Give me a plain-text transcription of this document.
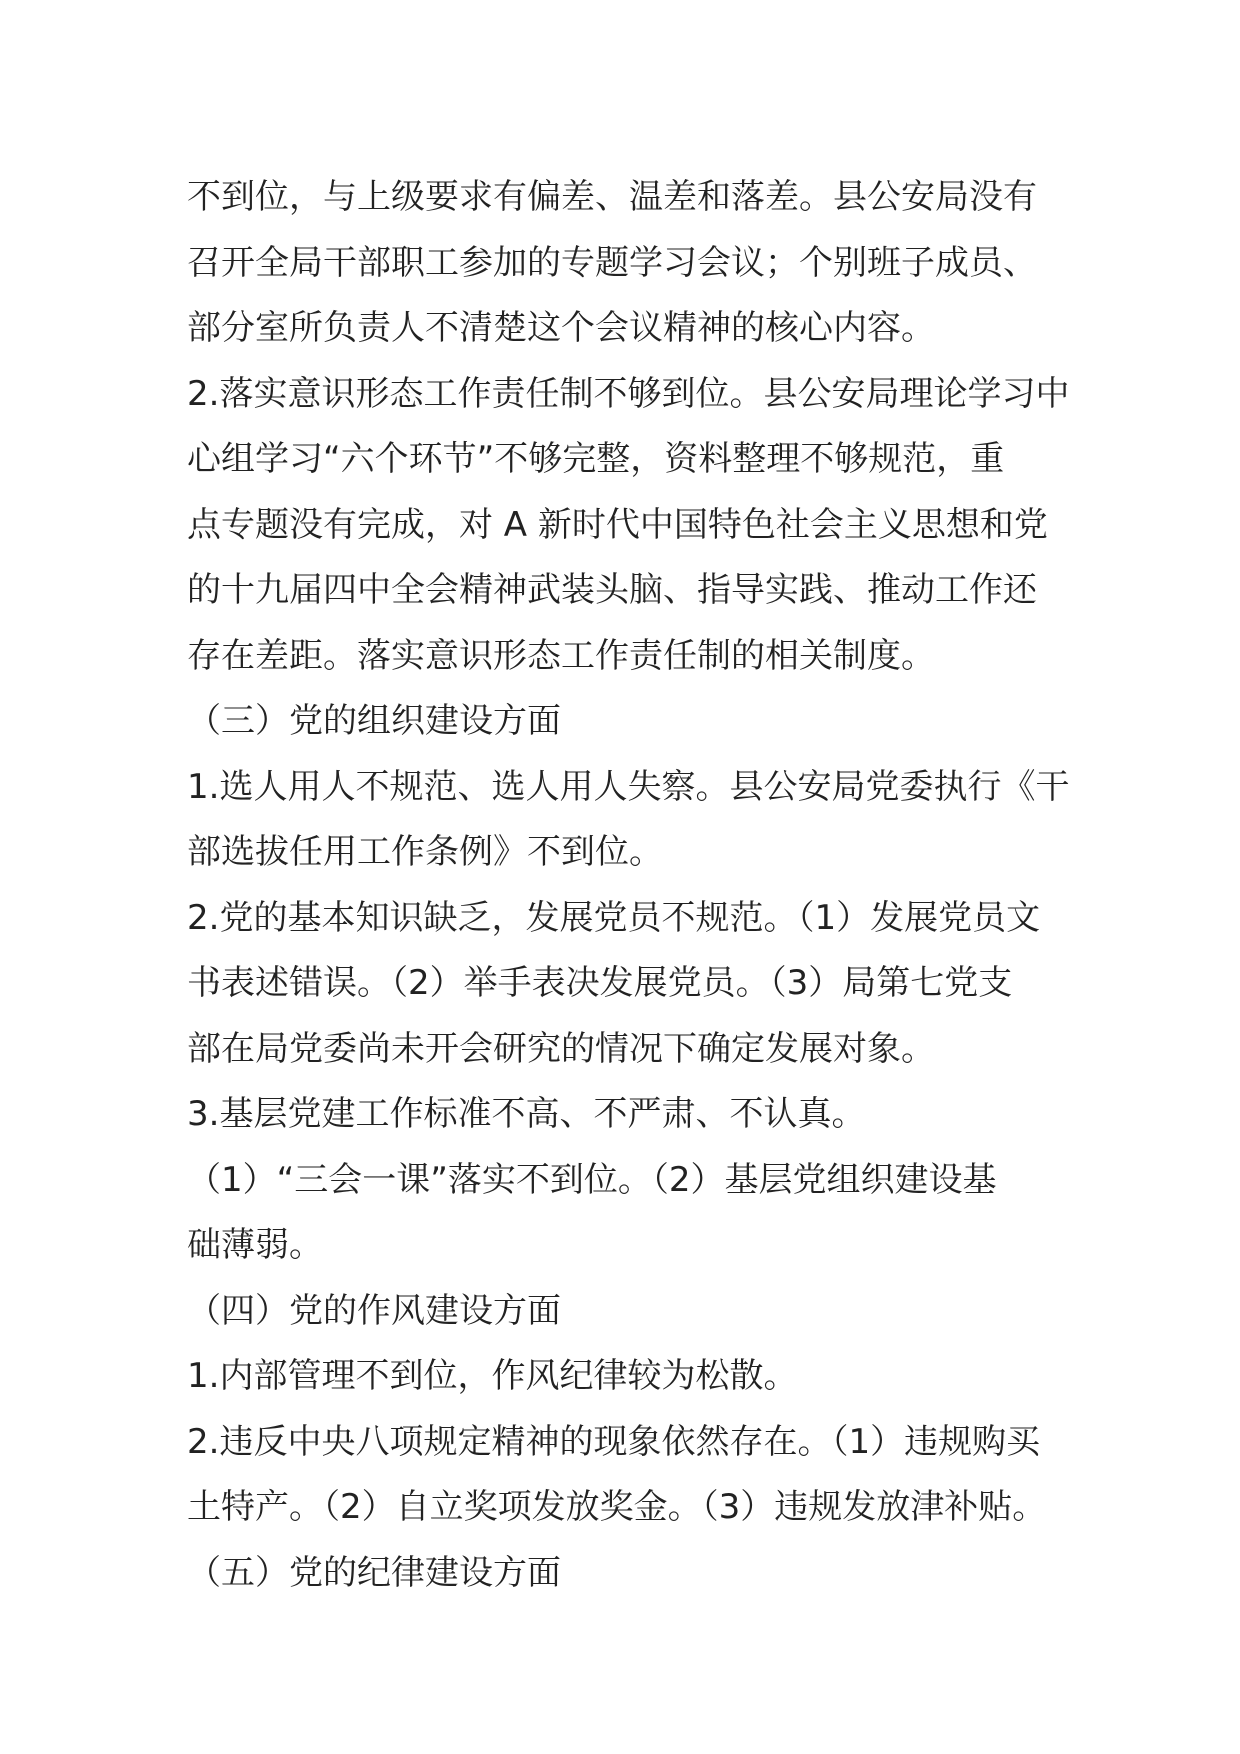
不到位，与上级要求有偏差、温差和落差。县公安局没有

召开全局干部职工参加的专题学习会议；个别班子成员、

部分室所负责人不清楚这个会议精神的核心内容。

2.落实意识形态工作责任制不够到位。县公安局理论学习中

心组学习“六个环节”不够完整，资料整理不够规范，重

点专题没有完成，对 A 新时代中国特色社会主义思想和党

的十九届四中全会精神武装头脑、指导实践、推动工作还

存在差距。落实意识形态工作责任制的相关制度。

（三）党的组织建设方面

1.选人用人不规范、选人用人失察。县公安局党委执行《干

部选拔任用工作条例》不到位。

2.党的基本知识缺乏，发展党员不规范。（1）发展党员文

书表述错误。（2）举手表决发展党员。（3）局第七党支

部在局党委尚未开会研究的情况下确定发展对象。

3.基层党建工作标准不高、不严肃、不认真。

（1）“三会一课”落实不到位。（2）基层党组织建设基

础薄弱。

（四）党的作风建设方面

1.内部管理不到位，作风纪律较为松散。

2.违反中央八项规定精神的现象依然存在。（1）违规购买

土特产。（2）自立奖项发放奖金。（3）违规发放津补贴。

（五）党的纪律建设方面
